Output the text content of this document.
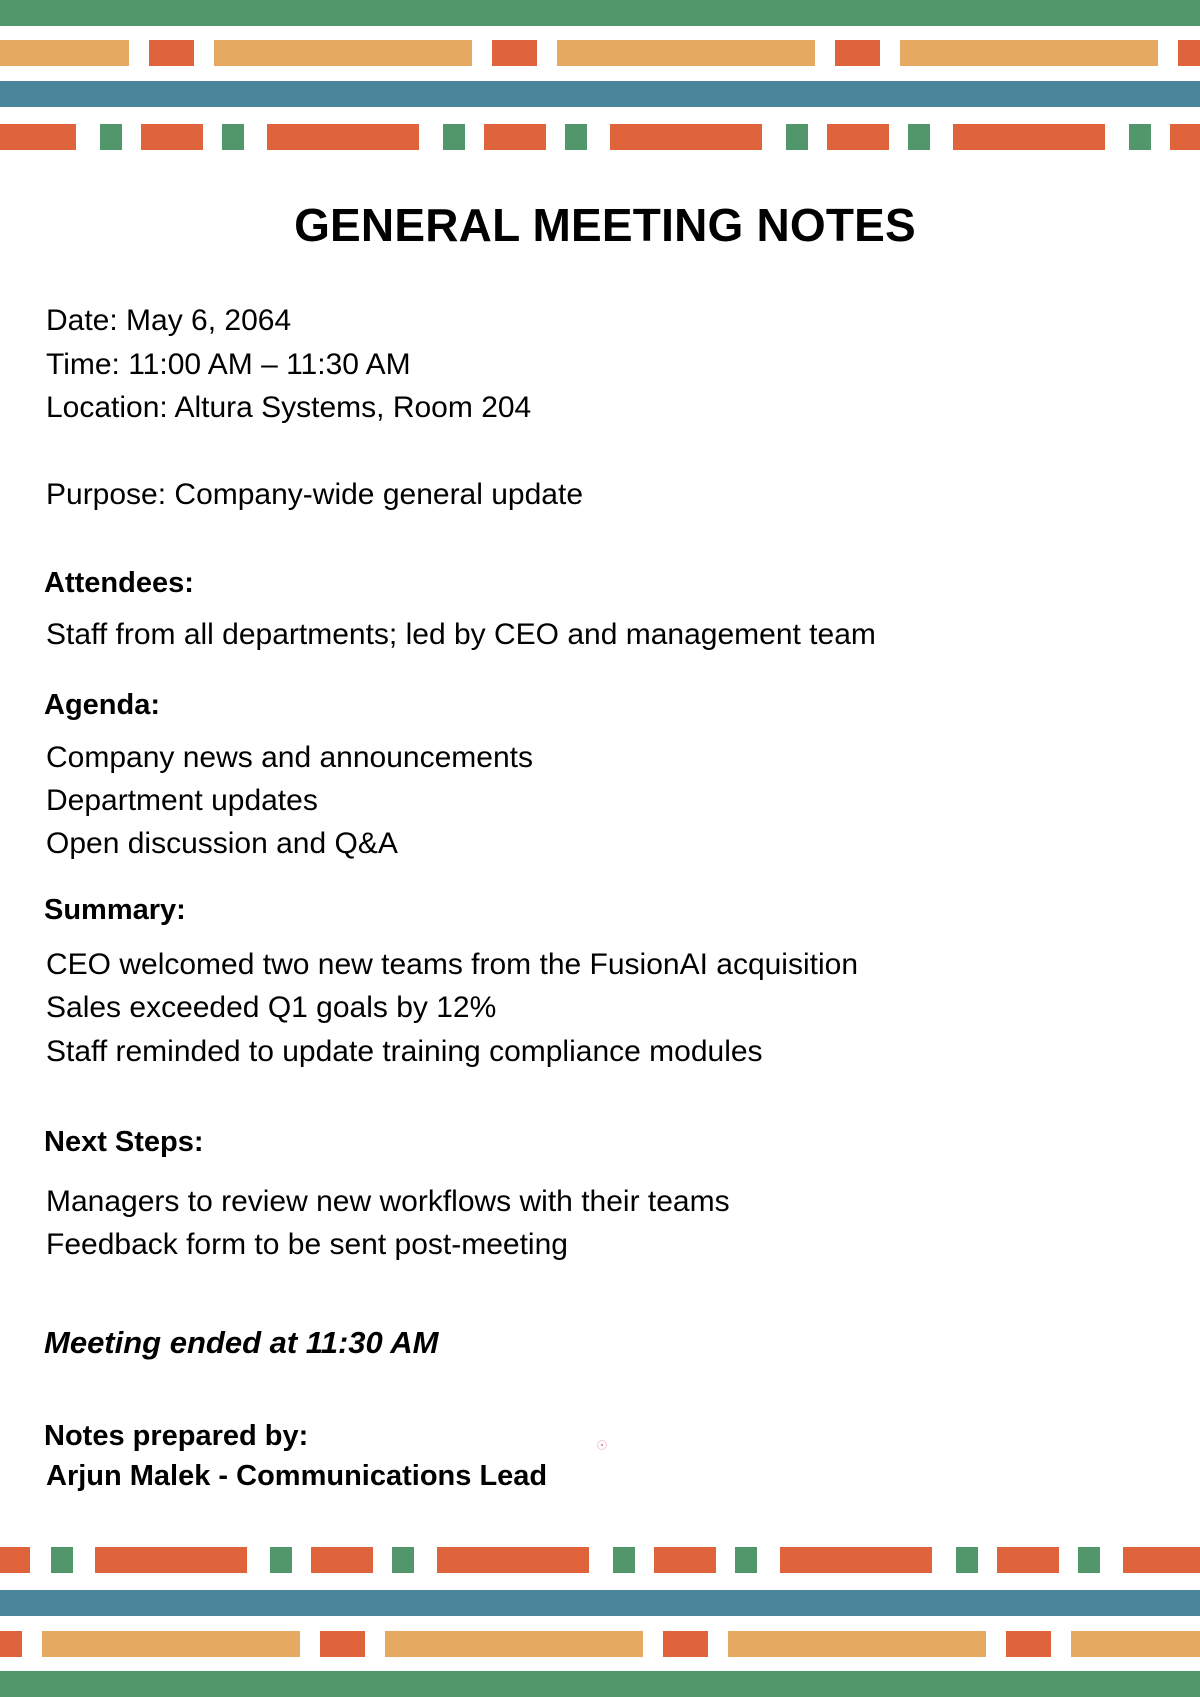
GENERAL MEETING NOTES
Date: May 6, 2064
Time: 11:00 AM – 11:30 AM
Location: Altura Systems, Room 204
Purpose: Company-wide general update
Attendees:
Staff from all departments; led by CEO and management team
Agenda:
Company news and announcements
Department updates
Open discussion and Q&A
Summary:
CEO welcomed two new teams from the FusionAI acquisition
Sales exceeded Q1 goals by 12%
Staff reminded to update training compliance modules
Next Steps:
Managers to review new workflows with their teams
Feedback form to be sent post-meeting
Meeting ended at 11:30 AM
Notes prepared by:
Arjun Malek - Communications Lead
